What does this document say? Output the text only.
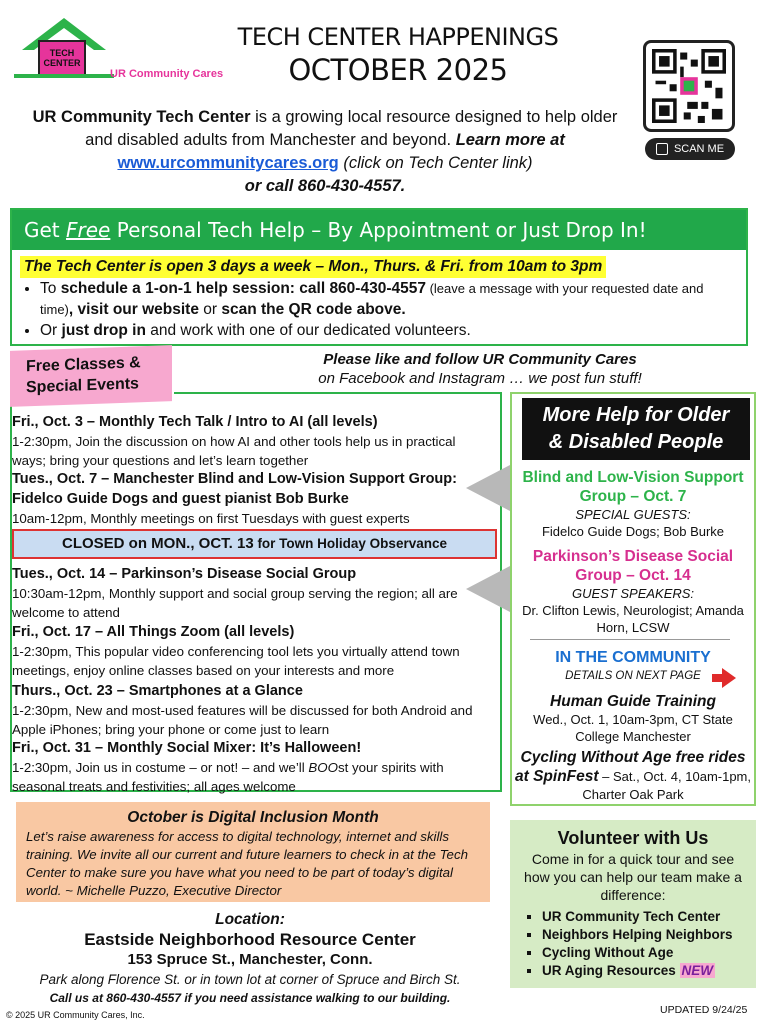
TECH
CENTER
UR Community Cares
TECH CENTER HAPPENINGS
OCTOBER 2025
SCAN ME
UR Community Tech Center is a growing local resource designed to help older and disabled adults from Manchester and beyond. Learn more at www.urcommunitycares.org (click on Tech Center link)
or call 860-430-4557.
Get Free Personal Tech Help – By Appointment or Just Drop In!
The Tech Center is open 3 days a week – Mon., Thurs. & Fri. from 10am to 3pm
• To schedule a 1-on-1 help session: call 860-430-4557 (leave a message with your requested date and time), visit our website or scan the QR code above.
• Or just drop in and work with one of our dedicated volunteers.
Free Classes &
Special Events
Please like and follow UR Community Cares
on Facebook and Instagram … we post fun stuff!
Fri., Oct. 3 – Monthly Tech Talk / Intro to AI (all levels)
1-2:30pm, Join the discussion on how AI and other tools help us in practical ways; bring your questions and let’s learn together
Tues., Oct. 7 – Manchester Blind and Low-Vision Support Group: Fidelco Guide Dogs and guest pianist Bob Burke
10am-12pm, Monthly meetings on first Tuesdays with guest experts
CLOSED on MON., OCT. 13 for Town Holiday Observance
Tues., Oct. 14 – Parkinson’s Disease Social Group
10:30am-12pm, Monthly support and social group serving the region; all are welcome to attend
Fri., Oct. 17 – All Things Zoom (all levels)
1-2:30pm, This popular video conferencing tool lets you virtually attend town meetings, enjoy online classes based on your interests and more
Thurs., Oct. 23 – Smartphones at a Glance
1-2:30pm, New and most-used features will be discussed for both Android and Apple iPhones; bring your phone or come just to learn
Fri., Oct. 31 – Monthly Social Mixer: It’s Halloween!
1-2:30pm, Join us in costume – or not! – and we’ll BOOst your spirits with seasonal treats and festivities; all ages welcome
October is Digital Inclusion Month
Let’s raise awareness for access to digital technology, internet and skills training. We invite all our current and future learners to check in at the Tech Center to make sure you have what you need to be part of today’s digital world. ~ Michelle Puzzo, Executive Director
Location:
Eastside Neighborhood Resource Center
153 Spruce St., Manchester, Conn.
Park along Florence St. or in town lot at corner of Spruce and Birch St.
Call us at 860-430-4557 if you need assistance walking to our building.
© 2025 UR Community Cares, Inc.
More Help for Older
& Disabled People
Blind and Low-Vision Support Group – Oct. 7
SPECIAL GUESTS:
Fidelco Guide Dogs; Bob Burke
Parkinson’s Disease Social Group – Oct. 14
GUEST SPEAKERS:
Dr. Clifton Lewis, Neurologist; Amanda Horn, LCSW
IN THE COMMUNITY
DETAILS ON NEXT PAGE
Human Guide Training
Wed., Oct. 1, 10am-3pm, CT State College Manchester
Cycling Without Age free rides at SpinFest – Sat., Oct. 4, 10am-1pm, Charter Oak Park
Volunteer with Us
Come in for a quick tour and see how you can help our team make a difference:
▪ UR Community Tech Center
▪ Neighbors Helping Neighbors
▪ Cycling Without Age
▪ UR Aging Resources NEW
UPDATED 9/24/25
